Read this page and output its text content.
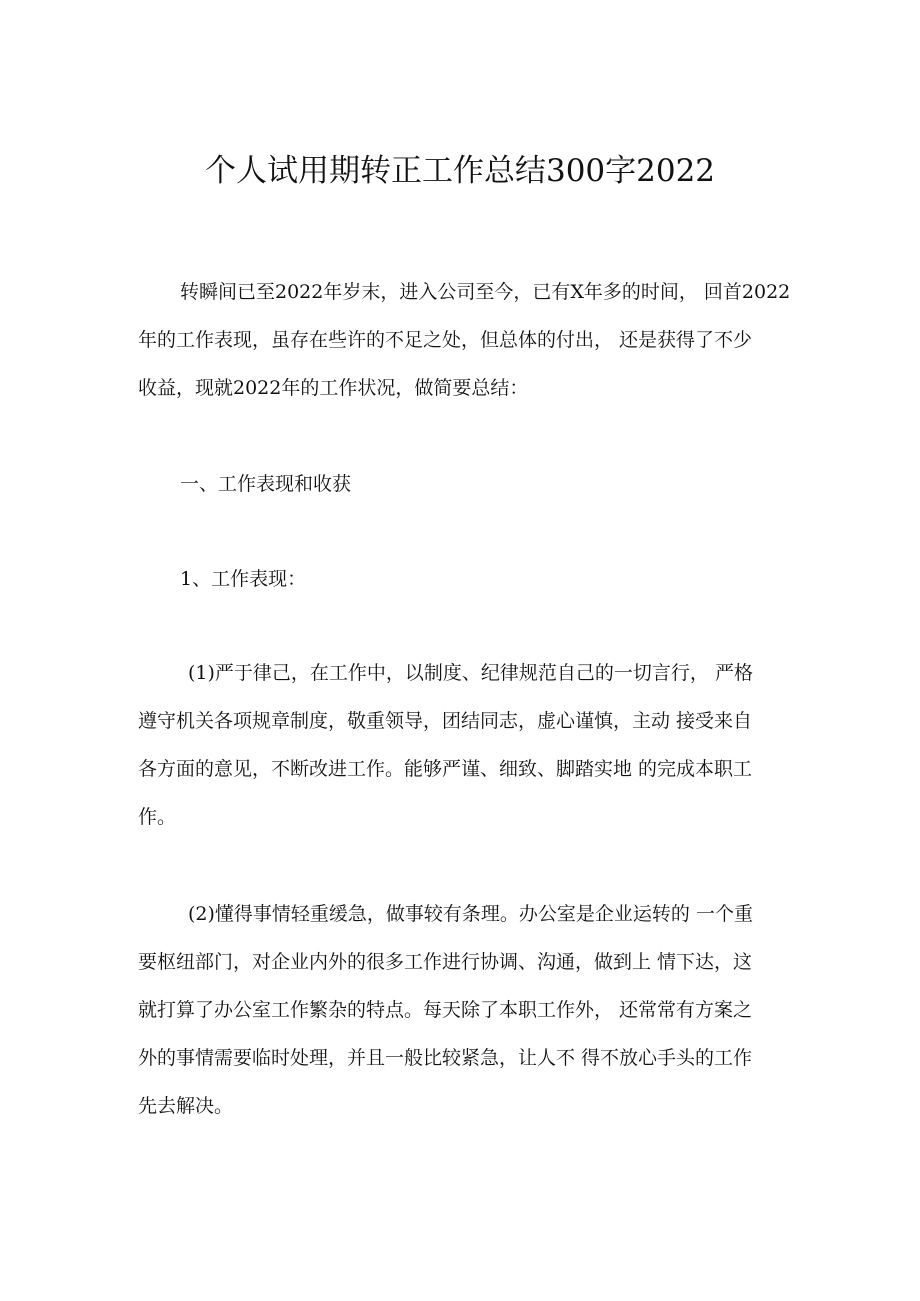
个人试用期转正工作总结300字2022

转瞬间已至2022年岁末，进入公司至今，已有X年多的时间， 回首2022
年的工作表现，虽存在些许的不足之处，但总体的付出， 还是获得了不少
收益，现就2022年的工作状况，做简要总结：

一、工作表现和收获

1、工作表现：

(1)严于律己，在工作中，以制度、纪律规范自己的一切言行， 严格
遵守机关各项规章制度，敬重领导，团结同志，虚心谨慎，主动 接受来自
各方面的意见，不断改进工作。能够严谨、细致、脚踏实地 的完成本职工
作。

(2)懂得事情轻重缓急，做事较有条理。办公室是企业运转的 一个重
要枢纽部门，对企业内外的很多工作进行协调、沟通，做到上 情下达，这
就打算了办公室工作繁杂的特点。每天除了本职工作外， 还常常有方案之
外的事情需要临时处理，并且一般比较紧急，让人不 得不放心手头的工作
先去解决。
